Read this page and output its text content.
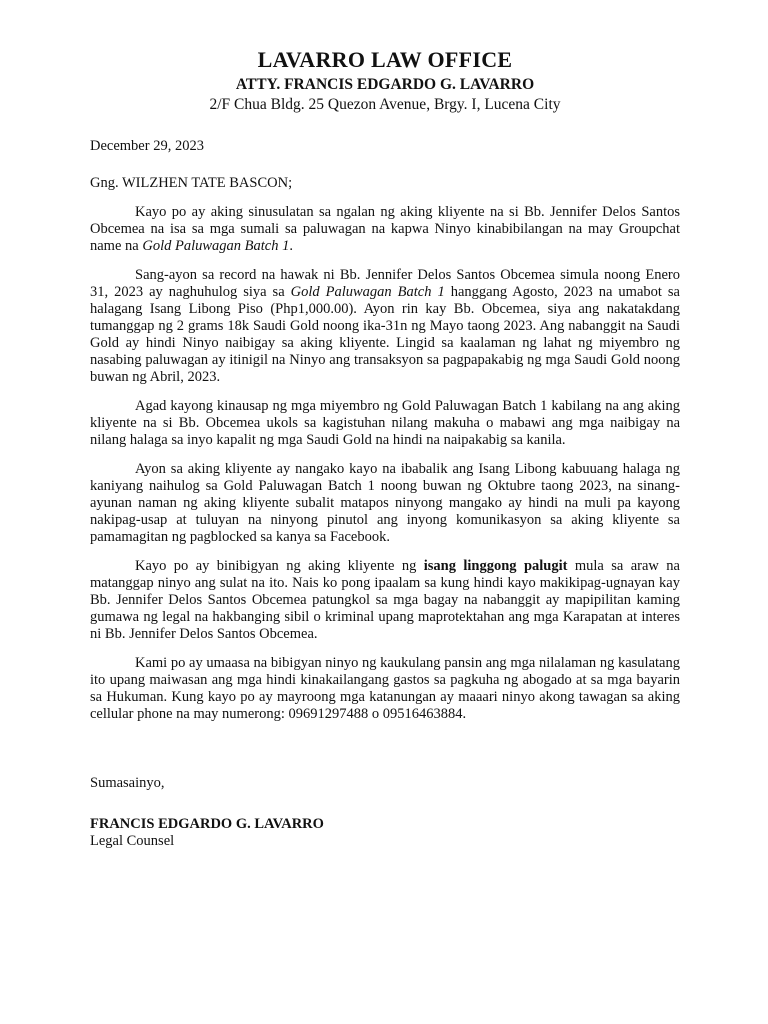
LAVARRO LAW OFFICE
ATTY. FRANCIS EDGARDO G. LAVARRO
2/F Chua Bldg. 25 Quezon Avenue, Brgy. I, Lucena City
December 29, 2023
Gng. WILZHEN TATE BASCON;

Kayo po ay aking sinusulatan sa ngalan ng aking kliyente na si Bb. Jennifer Delos Santos Obcemea na isa sa mga sumali sa paluwagan na kapwa Ninyo kinabibilangan na may Groupchat name na Gold Paluwagan Batch 1.

Sang-ayon sa record na hawak ni Bb. Jennifer Delos Santos Obcemea simula noong Enero 31, 2023 ay naghuhulog siya sa Gold Paluwagan Batch 1 hanggang Agosto, 2023 na umabot sa halagang Isang Libong Piso (Php1,000.00). Ayon rin kay Bb. Obcemea, siya ang nakatakdang tumanggap ng 2 grams 18k Saudi Gold noong ika-31n ng Mayo taong 2023. Ang nabanggit na Saudi Gold ay hindi Ninyo naibigay sa aking kliyente. Lingid sa kaalaman ng lahat ng miyembro ng nasabing paluwagan ay itinigil na Ninyo ang transaksyon sa pagpapakabig ng mga Saudi Gold noong buwan ng Abril, 2023.

Agad kayong kinausap ng mga miyembro ng Gold Paluwagan Batch 1 kabilang na ang aking kliyente na si Bb. Obcemea ukols sa kagistuhan nilang makuha o mabawi ang mga naibigay na nilang halaga sa inyo kapalit ng mga Saudi Gold na hindi na naipakabig sa kanila.

Ayon sa aking kliyente ay nangako kayo na ibabalik ang Isang Libong kabuuang halaga ng kaniyang naihulog sa Gold Paluwagan Batch 1 noong buwan ng Oktubre taong 2023, na sinang-ayunan naman ng aking kliyente subalit matapos ninyong mangako ay hindi na muli pa kayong nakipag-usap at tuluyan na ninyong pinutol ang inyong komunikasyon sa aking kliyente sa pamamagitan ng pagblocked sa kanya sa Facebook.

Kayo po ay binibigyan ng aking kliyente ng isang linggong palugit mula sa araw na matanggap ninyo ang sulat na ito. Nais ko pong ipaalam sa kung hindi kayo makikipag-ugnayan kay Bb. Jennifer Delos Santos Obcemea patungkol sa mga bagay na nabanggit ay mapipilitan kaming gumawa ng legal na hakbanging sibil o kriminal upang maprotektahan ang mga Karapatan at interes ni Bb. Jennifer Delos Santos Obcemea.

Kami po ay umaasa na bibigyan ninyo ng kaukulang pansin ang mga nilalaman ng kasulatang ito upang maiwasan ang mga hindi kinakailangang gastos sa pagkuha ng abogado at sa mga bayarin sa Hukuman. Kung kayo po ay mayroong mga katanungan ay maaari ninyo akong tawagan sa aking cellular phone na may numerong: 09691297488 o 09516463884.

Sumasainyo,
FRANCIS EDGARDO G. LAVARRO
Legal Counsel
